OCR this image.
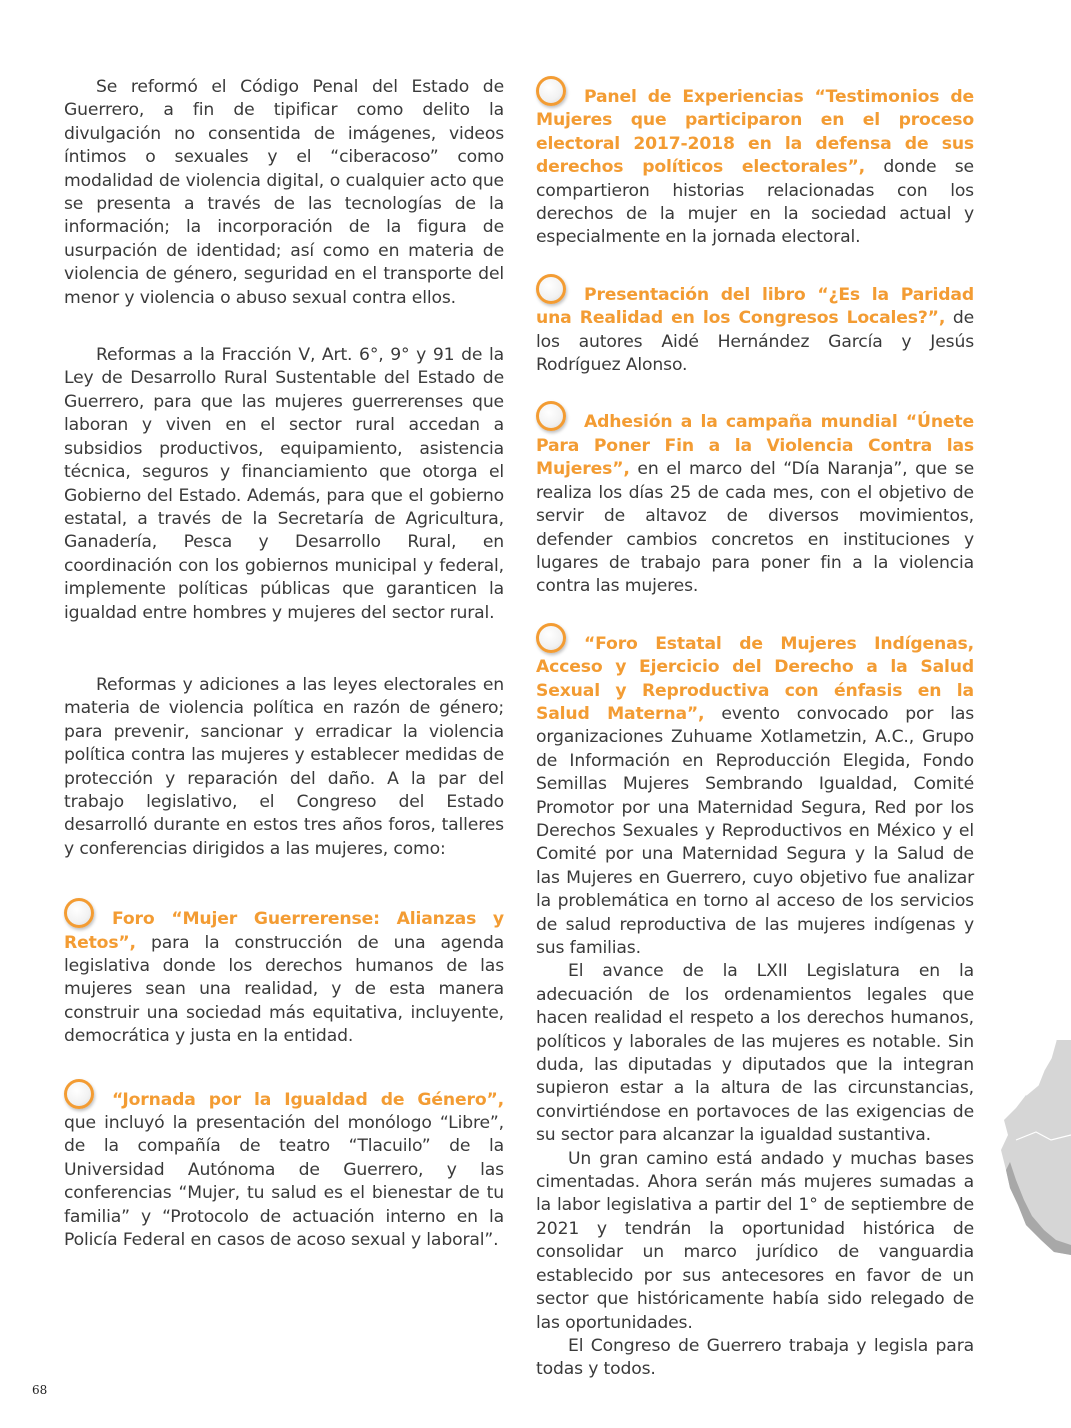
Se reformó el Código Penal del Estado de Guerrero, a fin de tipificar como delito la divulgación no consentida de imágenes, videos íntimos o sexuales y el “ciberacoso” como modalidad de violencia digital, o cualquier acto que se presenta a través de las tecnologías de la información; la incorporación de la figura de usurpación de identidad; así como en materia de violencia de género, seguridad en el transporte del menor y violencia o abuso sexual contra ellos.

Reformas a la Fracción V, Art. 6°, 9° y 91 de la Ley de Desarrollo Rural Sustentable del Estado de Guerrero, para que las mujeres guerrerenses que laboran y viven en el sector rural accedan a subsidios productivos, equipamiento, asistencia técnica, seguros y financiamiento que otorga el Gobierno del Estado. Además, para que el gobierno estatal, a través de la Secretaría de Agricultura, Ganadería, Pesca y Desarrollo Rural, en coordinación con los gobiernos municipal y federal, implemente políticas públicas que garanticen la igualdad entre hombres y mujeres del sector rural.

Reformas y adiciones a las leyes electorales en materia de violencia política en razón de género; para prevenir, sancionar y erradicar la violencia política contra las mujeres y establecer medidas de protección y reparación del daño. A la par del trabajo legislativo, el Congreso del Estado desarrolló durante en estos tres años foros, talleres y conferencias dirigidos a las mujeres, como:

Foro “Mujer Guerrerense: Alianzas y Retos”, para la construcción de una agenda legislativa donde los derechos humanos de las mujeres sean una realidad, y de esta manera construir una sociedad más equitativa, incluyente, democrática y justa en la entidad.

“Jornada por la Igualdad de Género”, que incluyó la presentación del monólogo “Libre”, de la compañía de teatro “Tlacuilo” de la Universidad Autónoma de Guerrero, y las conferencias “Mujer, tu salud es el bienestar de tu familia” y “Protocolo de actuación interno en la Policía Federal en casos de acoso sexual y laboral”.

Panel de Experiencias “Testimonios de Mujeres que participaron en el proceso electoral 2017-2018 en la defensa de sus derechos políticos electorales”, donde se compartieron historias relacionadas con los derechos de la mujer en la sociedad actual y especialmente en la jornada electoral.

Presentación del libro “¿Es la Paridad una Realidad en los Congresos Locales?”, de los autores Aidé Hernández García y Jesús Rodríguez Alonso.

Adhesión a la campaña mundial “Únete Para Poner Fin a la Violencia Contra las Mujeres”, en el marco del “Día Naranja”, que se realiza los días 25 de cada mes, con el objetivo de servir de altavoz de diversos movimientos, defender cambios concretos en instituciones y lugares de trabajo para poner fin a la violencia contra las mujeres.

“Foro Estatal de Mujeres Indígenas, Acceso y Ejercicio del Derecho a la Salud Sexual y Reproductiva con énfasis en la Salud Materna”, evento convocado por las organizaciones Zuhuame Xotlametzin, A.C., Grupo de Información en Reproducción Elegida, Fondo Semillas Mujeres Sembrando Igualdad, Comité Promotor por una Maternidad Segura, Red por los Derechos Sexuales y Reproductivos en México y el Comité por una Maternidad Segura y la Salud de las Mujeres en Guerrero, cuyo objetivo fue analizar la problemática en torno al acceso de los servicios de salud reproductiva de las mujeres indígenas y sus familias.

El avance de la LXII Legislatura en la adecuación de los ordenamientos legales que hacen realidad el respeto a los derechos humanos, políticos y laborales de las mujeres es notable. Sin duda, las diputadas y diputados que la integran supieron estar a la altura de las circunstancias, convirtiéndose en portavoces de las exigencias de su sector para alcanzar la igualdad sustantiva.

Un gran camino está andado y muchas bases cimentadas. Ahora serán más mujeres sumadas a la labor legislativa a partir del 1° de septiembre de 2021 y tendrán la oportunidad histórica de consolidar un marco jurídico de vanguardia establecido por sus antecesores en favor de un sector que históricamente había sido relegado de las oportunidades.

El Congreso de Guerrero trabaja y legisla para todas y todos.

68
